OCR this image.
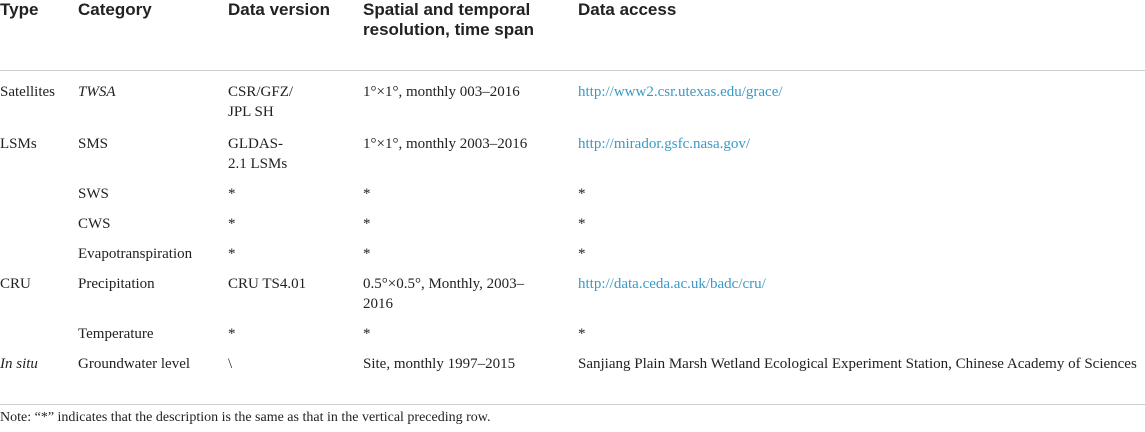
Type	Category	Data version	Spatial and temporal resolution, time span	Data access

Satellites	TWSA	CSR/GFZ/ JPL SH	1°×1°, monthly 003–2016	http://www2.csr.utexas.edu/grace/
LSMs	SMS	GLDAS- 2.1 LSMs	1°×1°, monthly 2003–2016	http://mirador.gsfc.nasa.gov/
	SWS	*	*	*
	CWS	*	*	*
	Evapotranspiration	*	*	*
CRU	Precipitation	CRU TS4.01	0.5°×0.5°, Monthly, 2003–2016	http://data.ceda.ac.uk/badc/cru/
	Temperature	*	*	*
In situ	Groundwater level	\	Site, monthly 1997–2015	Sanjiang Plain Marsh Wetland Ecological Experiment Station, Chinese Academy of Sciences
Note: “*” indicates that the description is the same as that in the vertical preceding row.
